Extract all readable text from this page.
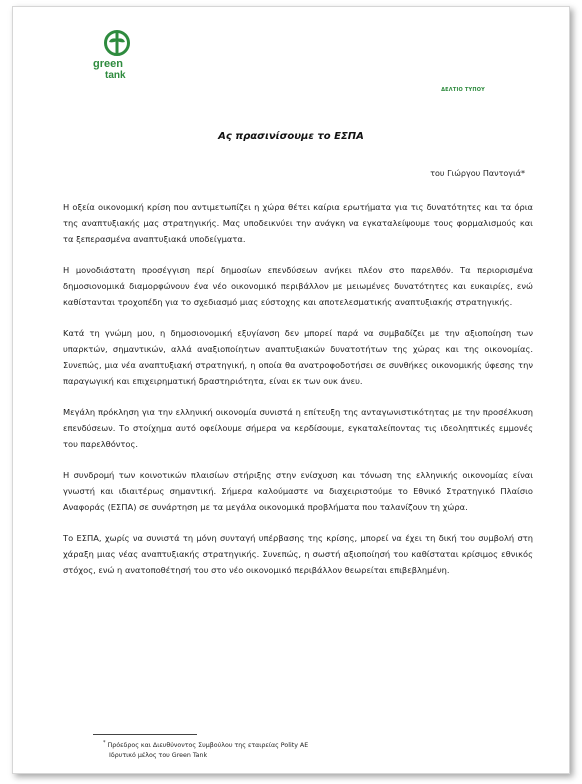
green
tank
ΔΕΛΤΙΟ ΤΥΠΟΥ
Ας πρασινίσουμε το ΕΣΠΑ
του Γιώργου Παντογιά*

Η οξεία οικονομική κρίση που αντιμετωπίζει η χώρα θέτει καίρια ερωτήματα για τις δυνατότητες και τα όρια της αναπτυξιακής μας στρατηγικής. Μας υποδεικνύει την ανάγκη να εγκαταλείψουμε τους φορμαλισμούς και τα ξεπερασμένα αναπτυξιακά υποδείγματα.

Η μονοδιάστατη προσέγγιση περί δημοσίων επενδύσεων ανήκει πλέον στο παρελθόν. Τα περιορισμένα δημοσιονομικά διαμορφώνουν ένα νέο οικονομικό περιβάλλον με μειωμένες δυνατότητες και ευκαιρίες, ενώ καθίστανται τροχοπέδη για το σχεδιασμό μιας εύστοχης και αποτελεσματικής αναπτυξιακής στρατηγικής.

Κατά τη γνώμη μου, η δημοσιονομική εξυγίανση δεν μπορεί παρά να συμβαδίζει με την αξιοποίηση των υπαρκτών, σημαντικών, αλλά αναξιοποίητων αναπτυξιακών δυνατοτήτων της χώρας και της οικονομίας. Συνεπώς, μια νέα αναπτυξιακή στρατηγική, η οποία θα ανατροφοδοτήσει σε συνθήκες οικονομικής ύφεσης την παραγωγική και επιχειρηματική δραστηριότητα, είναι εκ των ουκ άνευ.

Μεγάλη πρόκληση για την ελληνική οικονομία συνιστά η επίτευξη της ανταγωνιστικότητας με την προσέλκυση επενδύσεων. Το στοίχημα αυτό οφείλουμε σήμερα να κερδίσουμε, εγκαταλείποντας τις ιδεοληπτικές εμμονές του παρελθόντος.

Η συνδρομή των κοινοτικών πλαισίων στήριξης στην ενίσχυση και τόνωση της ελληνικής οικονομίας είναι γνωστή και ιδιαιτέρως σημαντική. Σήμερα καλούμαστε να διαχειριστούμε το Εθνικό Στρατηγικό Πλαίσιο Αναφοράς (ΕΣΠΑ) σε συνάρτηση με τα μεγάλα οικονομικά προβλήματα που ταλανίζουν τη χώρα.

Το ΕΣΠΑ, χωρίς να συνιστά τη μόνη συνταγή υπέρβασης της κρίσης, μπορεί να έχει τη δική του συμβολή στη χάραξη μιας νέας αναπτυξιακής στρατηγικής. Συνεπώς, η σωστή αξιοποίησή του καθίσταται κρίσιμος εθνικός στόχος, ενώ η ανατοποθέτησή του στο νέο οικονομικό περιβάλλον θεωρείται επιβεβλημένη.

* Πρόεδρος και Διευθύνοντος Συμβούλου της εταιρείας Polity AE
Ιδρυτικό μέλος του Green Tank
